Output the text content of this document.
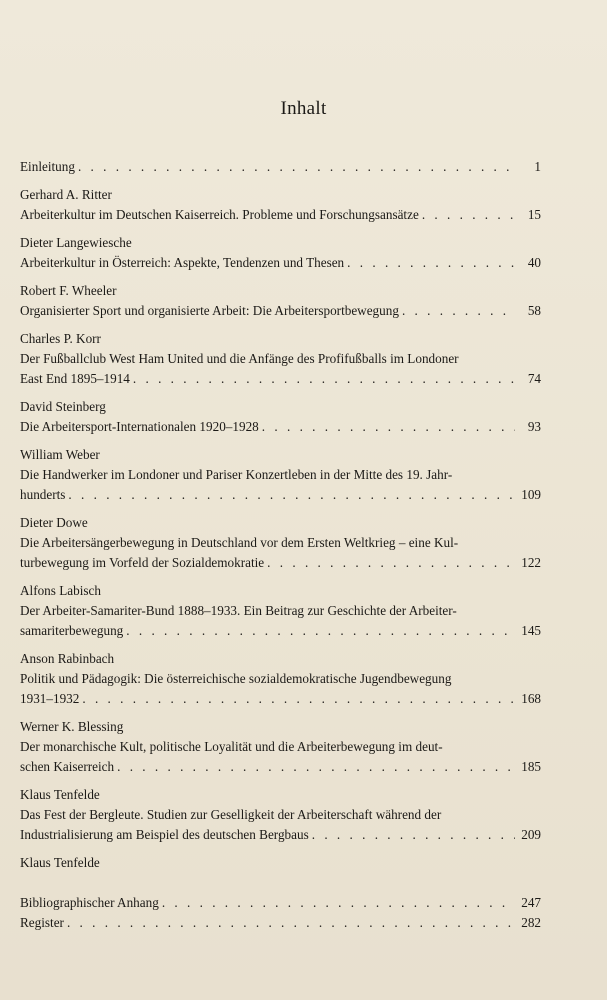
Inhalt
Einleitung . . .	1
Gerhard A. Ritter
Arbeiterkultur im Deutschen Kaiserreich. Probleme und Forschungsansätze . . .	15
Dieter Langewiesche
Arbeiterkultur in Österreich: Aspekte, Tendenzen und Thesen . . .	40
Robert F. Wheeler
Organisierter Sport und organisierte Arbeit: Die Arbeitersportbewegung . . .	58
Charles P. Korr
Der Fußballclub West Ham United und die Anfänge des Profifußballs im Londoner
East End 1895–1914 . . .	74
David Steinberg
Die Arbeitersport-Internationalen 1920–1928 . . .	93
William Weber
Die Handwerker im Londoner und Pariser Konzertleben in der Mitte des 19. Jahr-
hunderts . . .	109
Dieter Dowe
Die Arbeitersängerbewegung in Deutschland vor dem Ersten Weltkrieg – eine Kul-
turbewegung im Vorfeld der Sozialdemokratie . . .	122
Alfons Labisch
Der Arbeiter-Samariter-Bund 1888–1933. Ein Beitrag zur Geschichte der Arbeiter-
samariterbewegung . . .	145
Anson Rabinbach
Politik und Pädagogik: Die österreichische sozialdemokratische Jugendbewegung
1931–1932 . . .	168
Werner K. Blessing
Der monarchische Kult, politische Loyalität und die Arbeiterbewegung im deut-
schen Kaiserreich . . .	185
Klaus Tenfelde
Das Fest der Bergleute. Studien zur Geselligkeit der Arbeiterschaft während der
Industrialisierung am Beispiel des deutschen Bergbaus . . .	209
Klaus Tenfelde
Bibliographischer Anhang . . .	247
Register . . .	282
